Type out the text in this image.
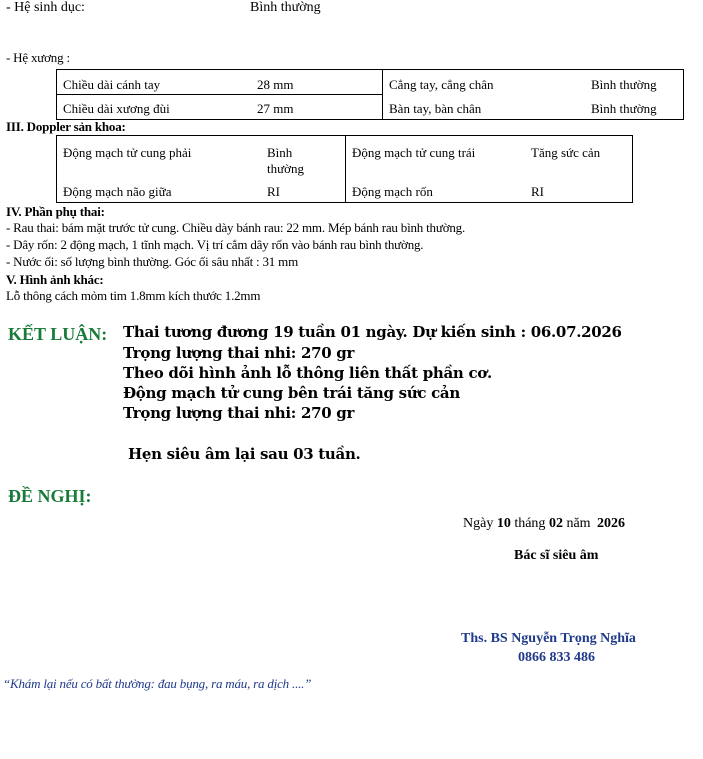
- Hệ sinh dục:	Bình thường
- Hệ xương :
Chiều dài cánh tay 28 mm	Cẳng tay, cẳng chân Bình thường

Chiều dài xương đùi 27 mm	Bàn tay, bàn chân Bình thường
III. Doppler sản khoa:
Động mạch tử cung phải Bình
thường	Động mạch tử cung trái Tăng sức cản

Động mạch não giữa RI	Động mạch rốn RI
IV. Phần phụ thai:
- Rau thai: bám mặt trước tử cung. Chiều dày bánh rau: 22 mm. Mép bánh rau bình thường.
- Dây rốn: 2 động mạch, 1 tĩnh mạch. Vị trí cắm dây rốn vào bánh rau bình thường.
- Nước ối: số lượng bình thường. Góc ối sâu nhất : 31 mm
V. Hình ảnh khác:
Lỗ thông cách mỏm tim 1.8mm kích thước 1.2mm
KẾT LUẬN: Thai tương đương 19 tuần 01 ngày. Dự kiến sinh : 06.07.2026
Trọng lượng thai nhi: 270 gr
Theo dõi hình ảnh lỗ thông liên thất phần cơ.
Động mạch tử cung bên trái tăng sức cản
Trọng lượng thai nhi: 270 gr
Hẹn siêu âm lại sau 03 tuần.
ĐỀ NGHỊ:
Ngày 10 tháng 02 năm 2026
Bác sĩ siêu âm
Ths. BS Nguyễn Trọng Nghĩa
0866 833 486
“Khám lại nếu có bất thường: đau bụng, ra máu, ra dịch ....”
